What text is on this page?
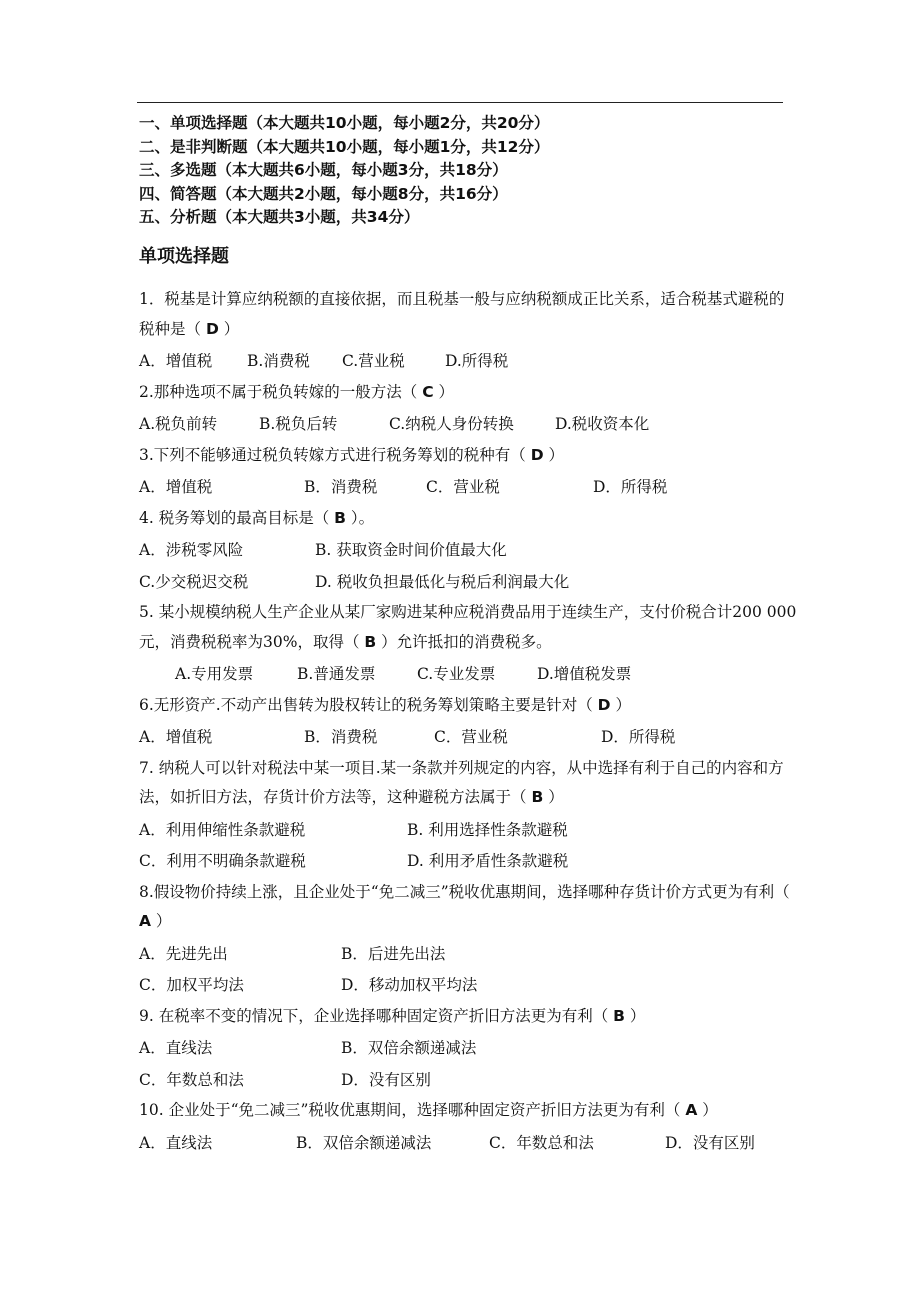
一、单项选择题（本大题共10小题，每小题2分，共20分）
二、是非判断题（本大题共10小题，每小题1分，共12分）
三、多选题（本大题共6小题，每小题3分，共18分）
四、简答题（本大题共2小题，每小题8分，共16分）
五、分析题（本大题共3小题，共34分）
单项选择题
1．税基是计算应纳税额的直接依据，而且税基一般与应纳税额成正比关系，适合税基式避税的税种是（ D ）
A．增值税 B.消费税 C.营业税	D.所得税
2.那种选项不属于税负转嫁的一般方法（ C ）
A.税负前转	B.税负后转	C.纳税人身份转换	D.税收资本化
3.下列不能够通过税负转嫁方式进行税务筹划的税种有（ D ）
A．增值税	B．消费税	C．营业税	D．所得税
4. 税务筹划的最高目标是（ B ）。
A．涉税零风险	B. 获取资金时间价值最大化
C.少交税迟交税	D. 税收负担最低化与税后利润最大化
5. 某小规模纳税人生产企业从某厂家购进某种应税消费品用于连续生产，支付价税合计200 000元，消费税税率为30%，取得（ B ）允许抵扣的消费税多。
A.专用发票	B.普通发票	C.专业发票	D.增值税发票
6.无形资产.不动产出售转为股权转让的税务筹划策略主要是针对（ D ）
A．增值税	B．消费税	C．营业税	D．所得税
7. 纳税人可以针对税法中某一项目.某一条款并列规定的内容，从中选择有利于自己的内容和方法，如折旧方法，存货计价方法等，这种避税方法属于（ B ）
A．利用伸缩性条款避税	B. 利用选择性条款避税
C．利用不明确条款避税	D. 利用矛盾性条款避税
8.假设物价持续上涨，且企业处于“免二减三”税收优惠期间，选择哪种存货计价方式更为有利（ A ）
A．先进先出	B．后进先出法
C．加权平均法	D．移动加权平均法
9. 在税率不变的情况下，企业选择哪种固定资产折旧方法更为有利（ B ）
A．直线法	B．双倍余额递减法
C．年数总和法	D．没有区别
10. 企业处于“免二减三”税收优惠期间，选择哪种固定资产折旧方法更为有利（ A ）
A．直线法	B．双倍余额递减法	C．年数总和法	D．没有区别
